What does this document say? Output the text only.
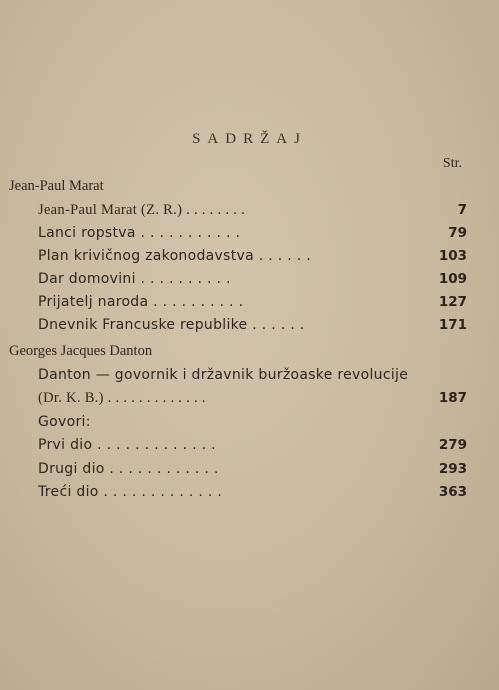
SADRŽAJ
Str.
Jean-Paul Marat
Jean-Paul Marat (Z. R.) . . . . . . . .	7
Lanci ropstva . . . . . . . . . . .	79
Plan krivičnog zakonodavstva . . . . . .	103
Dar domovini . . . . . . . . . .	109
Prijatelj naroda . . . . . . . . . .	127
Dnevnik Francuske republike . . . . . .	171
Georges Jacques Danton
Danton — govornik i državnik buržoaske revolucije
(Dr. K. B.) . . . . . . . . . . . . .	187
Govori:
Prvi dio . . . . . . . . . . . . .	279
Drugi dio . . . . . . . . . . . .	293
Treći dio . . . . . . . . . . . . .	363
